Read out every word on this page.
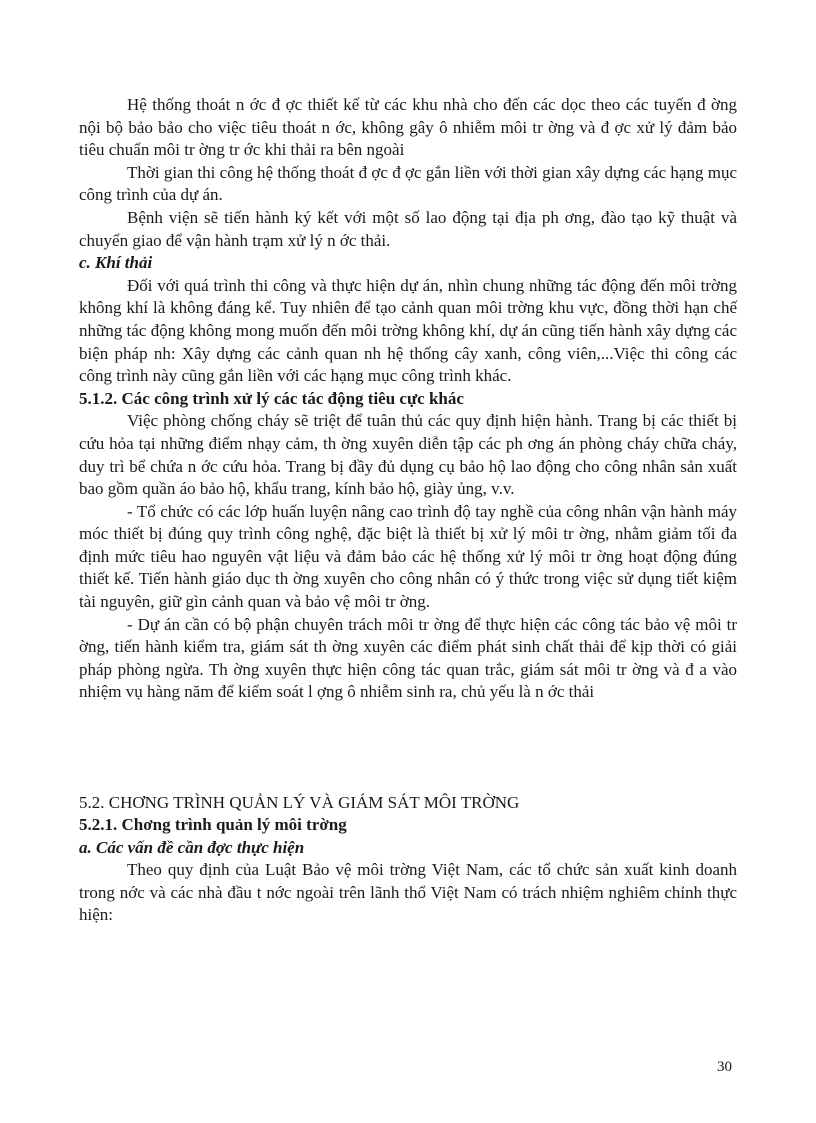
Hệ thống thoát n ớc đ ợc thiết kế từ các khu nhà cho đến các dọc theo các tuyến đ ờng nội bộ bảo bảo cho việc tiêu thoát n ớc, không gây ô nhiễm môi tr ờng và đ ợc xử lý đảm bảo tiêu chuẩn môi tr ờng tr ớc khi thải ra bên ngoài

Thời gian thi công hệ thống thoát đ ợc đ ợc gắn liền với thời gian xây dựng các hạng mục công trình của dự án.

Bệnh viện sẽ tiến hành ký kết với một số lao động tại địa ph ơng, đào tạo kỹ thuật và chuyển giao để vận hành trạm xử lý n ớc thải.

c. Khí thải

Đối với quá trình thi công và thực hiện dự án, nhìn chung những tác động đến môi trờng không khí là không đáng kể. Tuy nhiên để tạo cảnh quan môi trờng khu vực, đồng thời hạn chế những tác động không mong muốn đến môi trờng không khí, dự án cũng tiến hành xây dựng các biện pháp nh: Xây dựng các cảnh quan nh hệ thống cây xanh, công viên,...Việc thi công các công trình này cũng gắn liền với các hạng mục công trình khác.

5.1.2. Các công trình xử lý các tác động tiêu cực khác

Việc phòng chống cháy sẽ triệt để tuân thủ các quy định hiện hành. Trang bị các thiết bị cứu hỏa tại những điểm nhạy cảm, th ờng xuyên diễn tập các ph ơng án phòng cháy chữa cháy, duy trì bể chứa n ớc cứu hỏa. Trang bị đầy đủ dụng cụ bảo hộ lao động cho công nhân sản xuất bao gồm quần áo bảo hộ, khẩu trang, kính bảo hộ, giày ủng, v.v.

- Tổ chức có các lớp huấn luyện nâng cao trình độ tay nghề của công nhân vận hành máy móc thiết bị đúng quy trình công nghệ, đặc biệt là thiết bị xử lý môi tr ờng, nhằm giảm tối đa định mức tiêu hao nguyên vật liệu và đảm bảo các hệ thống xử lý môi tr ờng hoạt động đúng thiết kế. Tiến hành giáo dục th ờng xuyên cho công nhân có ý thức trong việc sử dụng tiết kiệm tài nguyên, giữ gìn cảnh quan và bảo vệ môi tr ờng.

- Dự án cần có bộ phận chuyên trách môi tr ờng để thực hiện các công tác bảo vệ môi tr ờng, tiến hành kiểm tra, giám sát th ờng xuyên các điểm phát sinh chất thải để kịp thời có giải pháp phòng ngừa. Th ờng xuyên thực hiện công tác quan trắc, giám sát môi tr ờng và đ a vào nhiệm vụ hàng năm để kiểm soát l ợng ô nhiễm sinh ra, chủ yếu là n ớc thải

5.2. CHƠNG TRÌNH QUẢN LÝ VÀ GIÁM SÁT MÔI TRỜNG

5.2.1. Chơng trình quản lý môi trờng

a. Các vấn đề cần đợc thực hiện

Theo quy định của Luật Bảo vệ môi trờng Việt Nam, các tổ chức sản xuất kinh doanh trong nớc và các nhà đầu t nớc ngoài trên lãnh thổ Việt Nam có trách nhiệm nghiêm chỉnh thực hiện:

30
